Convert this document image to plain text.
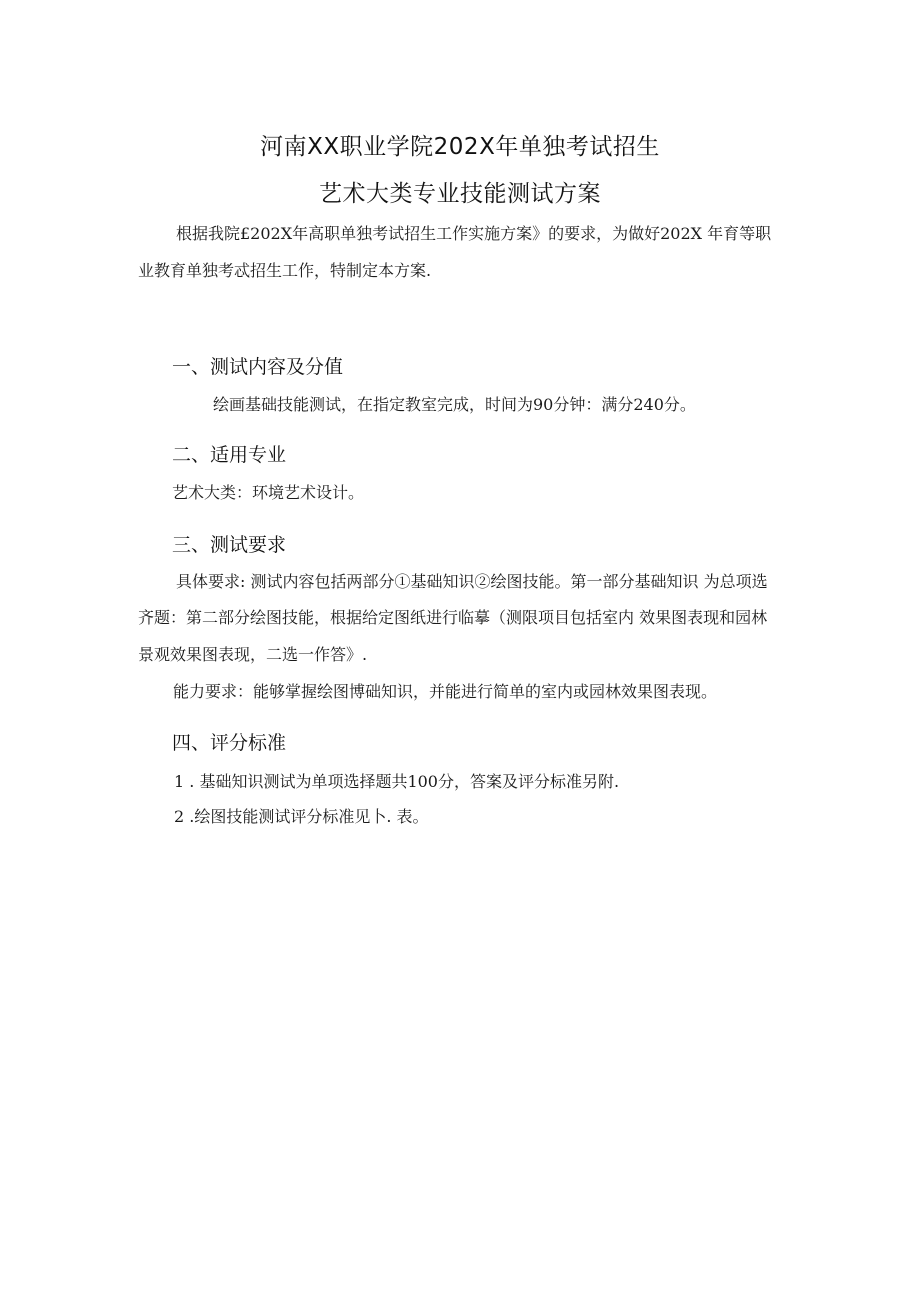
河南XX职业学院202X年单独考试招生
艺术大类专业技能测试方案
根据我院£202X年高职单独考试招生工作实施方案》的要求，为做好202X 年育等职
业教育单独考忒招生工作，特制定本方案.
一、测试内容及分值
绘画基础技能测试，在指定教室完成，时间为90分钟：满分240分。
二、适用专业
艺术大类：环境艺术设计。
三、测试要求
具体要求: 测试内容包括两部分①基础知识②绘图技能。第一部分基础知识 为总项选
齐题：第二部分绘图技能，根据给定图纸进行临摹（测限项目包括室内 效果图表现和园林
景观效果图表现，二选一作答》.
能力要求：能够掌握绘图博础知识，并能进行简单的室内或园林效果图表现。
四、评分标准
1 . 基础知识测试为单项选择题共100分，答案及评分标准另附.
2 .绘图技能测试评分标准见卜. 表。
